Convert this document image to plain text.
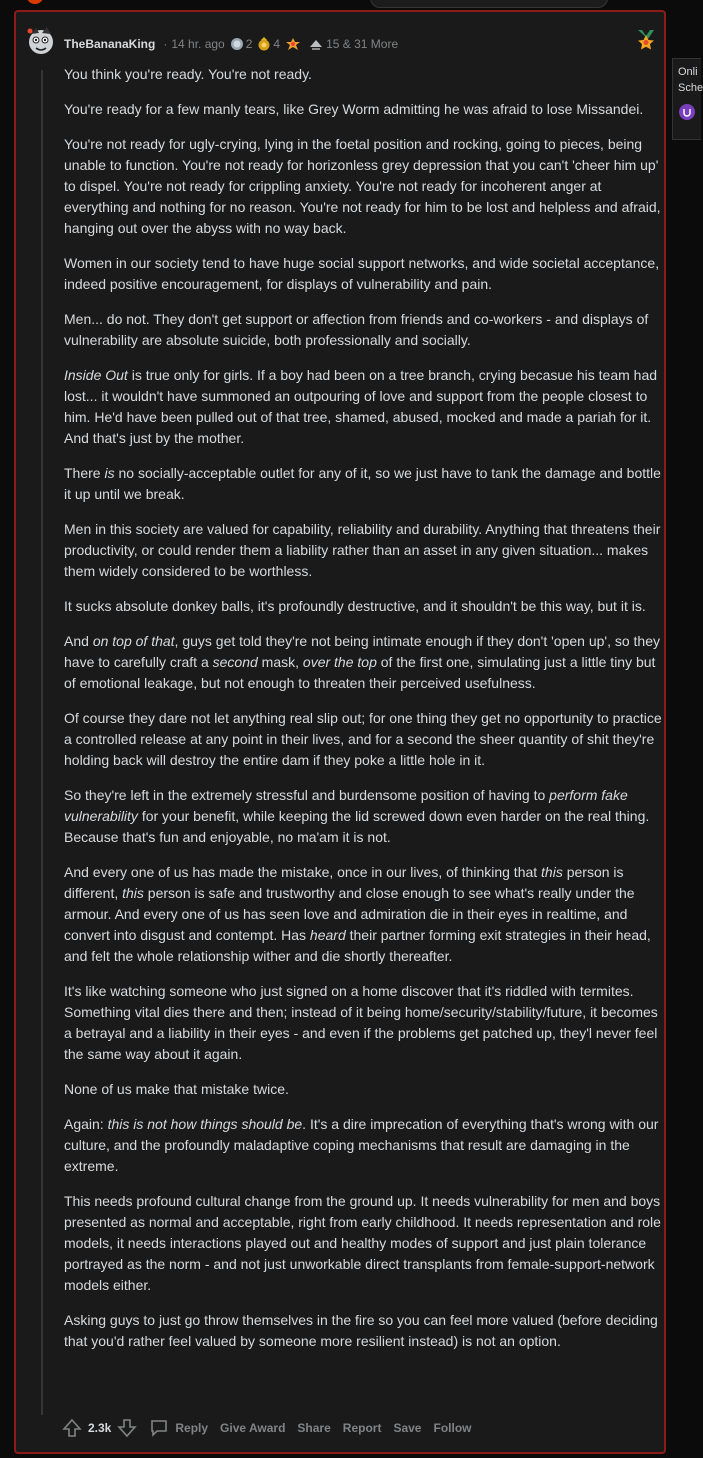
Onli
Sche
TheBananaKing · 14 hr. ago 2 4	15 & 31 More

You think you're ready. You're not ready.

You're ready for a few manly tears, like Grey Worm admitting he was afraid to lose Missandei.

You're not ready for ugly-crying, lying in the foetal position and rocking, going to pieces, being unable to function. You're not ready for horizonless grey depression that you can't 'cheer him up' to dispel. You're not ready for crippling anxiety. You're not ready for incoherent anger at everything and nothing for no reason. You're not ready for him to be lost and helpless and afraid, hanging out over the abyss with no way back.

Women in our society tend to have huge social support networks, and wide societal acceptance, indeed positive encouragement, for displays of vulnerability and pain.

Men... do not. They don't get support or affection from friends and co-workers - and displays of vulnerability are absolute suicide, both professionally and socially.

Inside Out is true only for girls. If a boy had been on a tree branch, crying becasue his team had lost... it wouldn't have summoned an outpouring of love and support from the people closest to him. He'd have been pulled out of that tree, shamed, abused, mocked and made a pariah for it. And that's just by the mother.

There is no socially-acceptable outlet for any of it, so we just have to tank the damage and bottle it up until we break.

Men in this society are valued for capability, reliability and durability. Anything that threatens their productivity, or could render them a liability rather than an asset in any given situation... makes them widely considered to be worthless.

It sucks absolute donkey balls, it's profoundly destructive, and it shouldn't be this way, but it is.

And on top of that, guys get told they're not being intimate enough if they don't 'open up', so they have to carefully craft a second mask, over the top of the first one, simulating just a little tiny but of emotional leakage, but not enough to threaten their perceived usefulness.

Of course they dare not let anything real slip out; for one thing they get no opportunity to practice a controlled release at any point in their lives, and for a second the sheer quantity of shit they're holding back will destroy the entire dam if they poke a little hole in it.

So they're left in the extremely stressful and burdensome position of having to perform fake vulnerability for your benefit, while keeping the lid screwed down even harder on the real thing. Because that's fun and enjoyable, no ma'am it is not.

And every one of us has made the mistake, once in our lives, of thinking that this person is different, this person is safe and trustworthy and close enough to see what's really under the armour. And every one of us has seen love and admiration die in their eyes in realtime, and convert into disgust and contempt. Has heard their partner forming exit strategies in their head, and felt the whole relationship wither and die shortly thereafter.

It's like watching someone who just signed on a home discover that it's riddled with termites. Something vital dies there and then; instead of it being home/security/stability/future, it becomes a betrayal and a liability in their eyes - and even if the problems get patched up, they'l never feel the same way about it again.

None of us make that mistake twice.

Again: this is not how things should be. It's a dire imprecation of everything that's wrong with our culture, and the profoundly maladaptive coping mechanisms that result are damaging in the extreme.

This needs profound cultural change from the ground up. It needs vulnerability for men and boys presented as normal and acceptable, right from early childhood. It needs representation and role models, it needs interactions played out and healthy modes of support and just plain tolerance portrayed as the norm - and not just unworkable direct transplants from female-support-network models either.

Asking guys to just go throw themselves in the fire so you can feel more valued (before deciding that you'd rather feel valued by someone more resilient instead) is not an option.

2.3k	Reply Give Award Share Report Save Follow
